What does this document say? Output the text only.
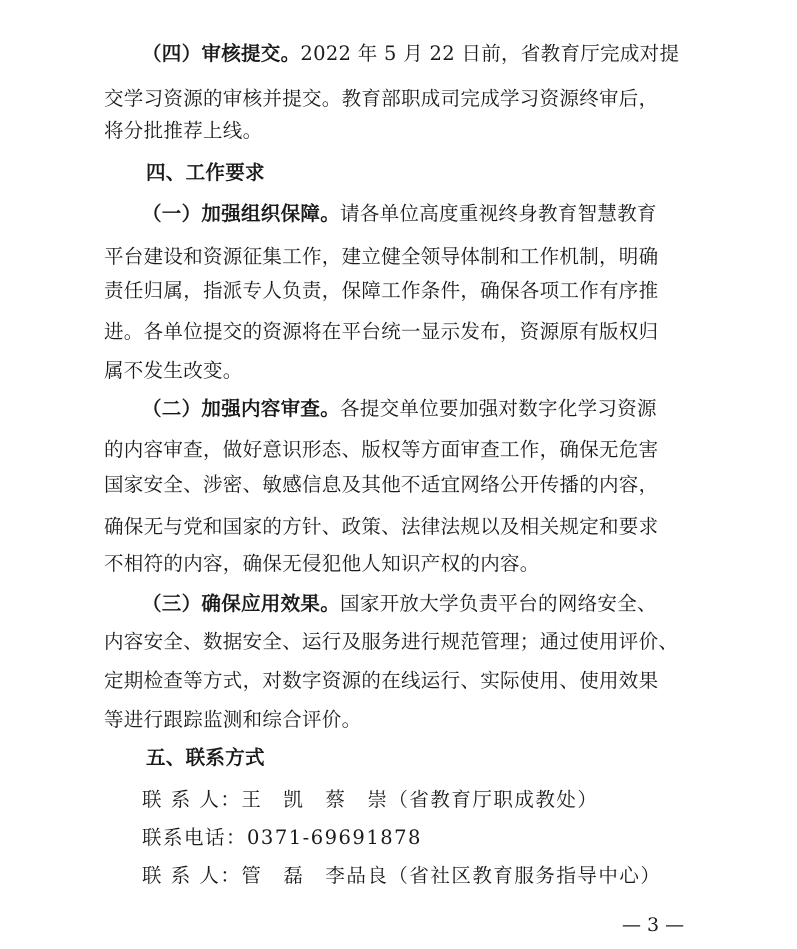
（四）审核提交。2022 年 5 月 22 日前，省教育厅完成对提
交学习资源的审核并提交。教育部职成司完成学习资源终审后，
将分批推荐上线。
四、工作要求
（一）加强组织保障。请各单位高度重视终身教育智慧教育
平台建设和资源征集工作，建立健全领导体制和工作机制，明确
责任归属，指派专人负责，保障工作条件，确保各项工作有序推
进。各单位提交的资源将在平台统一显示发布，资源原有版权归
属不发生改变。
（二）加强内容审查。各提交单位要加强对数字化学习资源
的内容审查，做好意识形态、版权等方面审查工作，确保无危害
国家安全、涉密、敏感信息及其他不适宜网络公开传播的内容，
确保无与党和国家的方针、政策、法律法规以及相关规定和要求
不相符的内容，确保无侵犯他人知识产权的内容。
（三）确保应用效果。国家开放大学负责平台的网络安全、
内容安全、数据安全、运行及服务进行规范管理；通过使用评价、
定期检查等方式，对数字资源的在线运行、实际使用、使用效果
等进行跟踪监测和综合评价。
五、联系方式
联 系 人：王　凯　蔡　崇（省教育厅职成教处）
联系电话：0371-69691878
联 系 人：管　磊　李品良（省社区教育服务指导中心）
— 3 —
